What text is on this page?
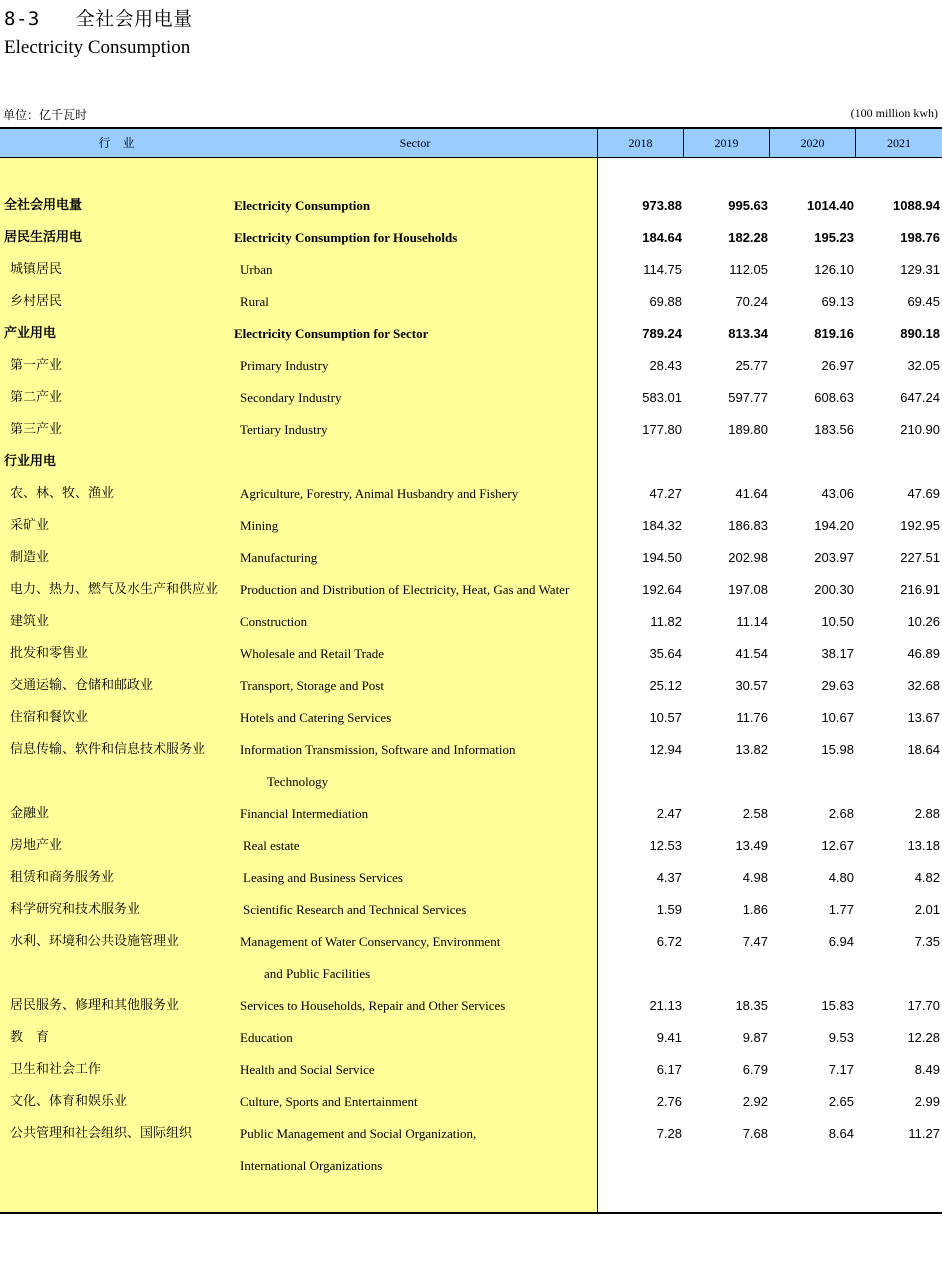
8-3 全社会用电量
Electricity Consumption
单位：亿千瓦时	(100 million kwh)
行　业	Sector	2018	2019	2020	2021
全社会用电量	Electricity Consumption	973.88	995.63	1014.40	1088.94
居民生活用电	Electricity Consumption for Households	184.64	182.28	195.23	198.76
城镇居民	Urban	114.75	112.05	126.10	129.31
乡村居民	Rural	69.88	70.24	69.13	69.45
产业用电	Electricity Consumption for Sector	789.24	813.34	819.16	890.18
第一产业	Primary Industry	28.43	25.77	26.97	32.05
第二产业	Secondary Industry	583.01	597.77	608.63	647.24
第三产业	Tertiary Industry	177.80	189.80	183.56	210.90
行业用电
农、林、牧、渔业	Agriculture, Forestry, Animal Husbandry and Fishery	47.27	41.64	43.06	47.69
采矿业	Mining	184.32	186.83	194.20	192.95
制造业	Manufacturing	194.50	202.98	203.97	227.51
电力、热力、燃气及水生产和供应业 Production and Distribution of Electricity, Heat, Gas and Water	192.64	197.08	200.30	216.91
建筑业	Construction	11.82	11.14	10.50	10.26
批发和零售业	Wholesale and Retail Trade	35.64	41.54	38.17	46.89
交通运输、仓储和邮政业	Transport, Storage and Post	25.12	30.57	29.63	32.68
住宿和餐饮业	Hotels and Catering Services	10.57	11.76	10.67	13.67
信息传输、软件和信息技术服务业	Information Transmission, Software and Information	12.94	13.82	15.98	18.64
Technology
金融业	Financial Intermediation	2.47	2.58	2.68	2.88
房地产业	Real estate	12.53	13.49	12.67	13.18
租赁和商务服务业	Leasing and Business Services	4.37	4.98	4.80	4.82
科学研究和技术服务业	Scientific Research and Technical Services	1.59	1.86	1.77	2.01
水利、环境和公共设施管理业	Management of Water Conservancy, Environment	6.72	7.47	6.94	7.35
and Public Facilities
居民服务、修理和其他服务业	Services to Households, Repair and Other Services	21.13	18.35	15.83	17.70
教　育	Education	9.41	9.87	9.53	12.28
卫生和社会工作	Health and Social Service	6.17	6.79	7.17	8.49
文化、体育和娱乐业	Culture, Sports and Entertainment	2.76	2.92	2.65	2.99
公共管理和社会组织、国际组织	Public Management and Social Organization,	7.28	7.68	8.64	11.27
International Organizations
